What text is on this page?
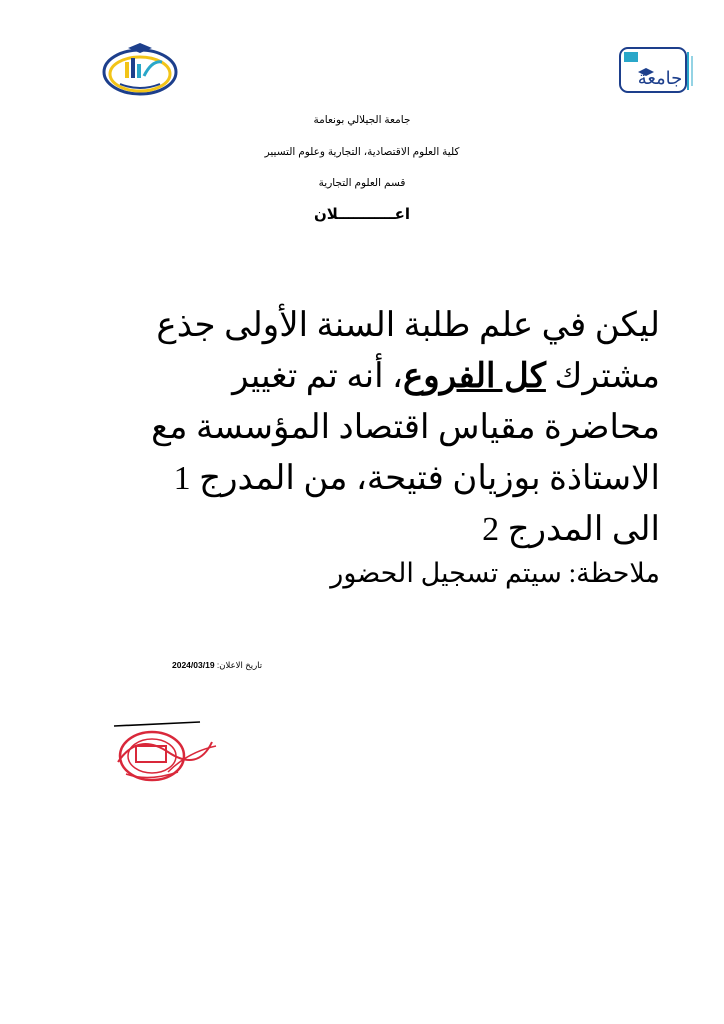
جامعة
جامعة الجيلالي بونعامة
كلية العلوم الاقتصادية، التجارية وعلوم التسيير
قسم العلوم التجارية
اعـــــــــــلان

ليكن في علم طلبة السنة الأولى جذع مشترك كل الفروع، أنه تم تغيير محاضرة مقياس اقتصاد المؤسسة مع الاستاذة بوزيان فتيحة، من المدرج 1 الى المدرج 2

ملاحظة: سيتم تسجيل الحضور

تاريخ الاعلان: 2024/03/19
